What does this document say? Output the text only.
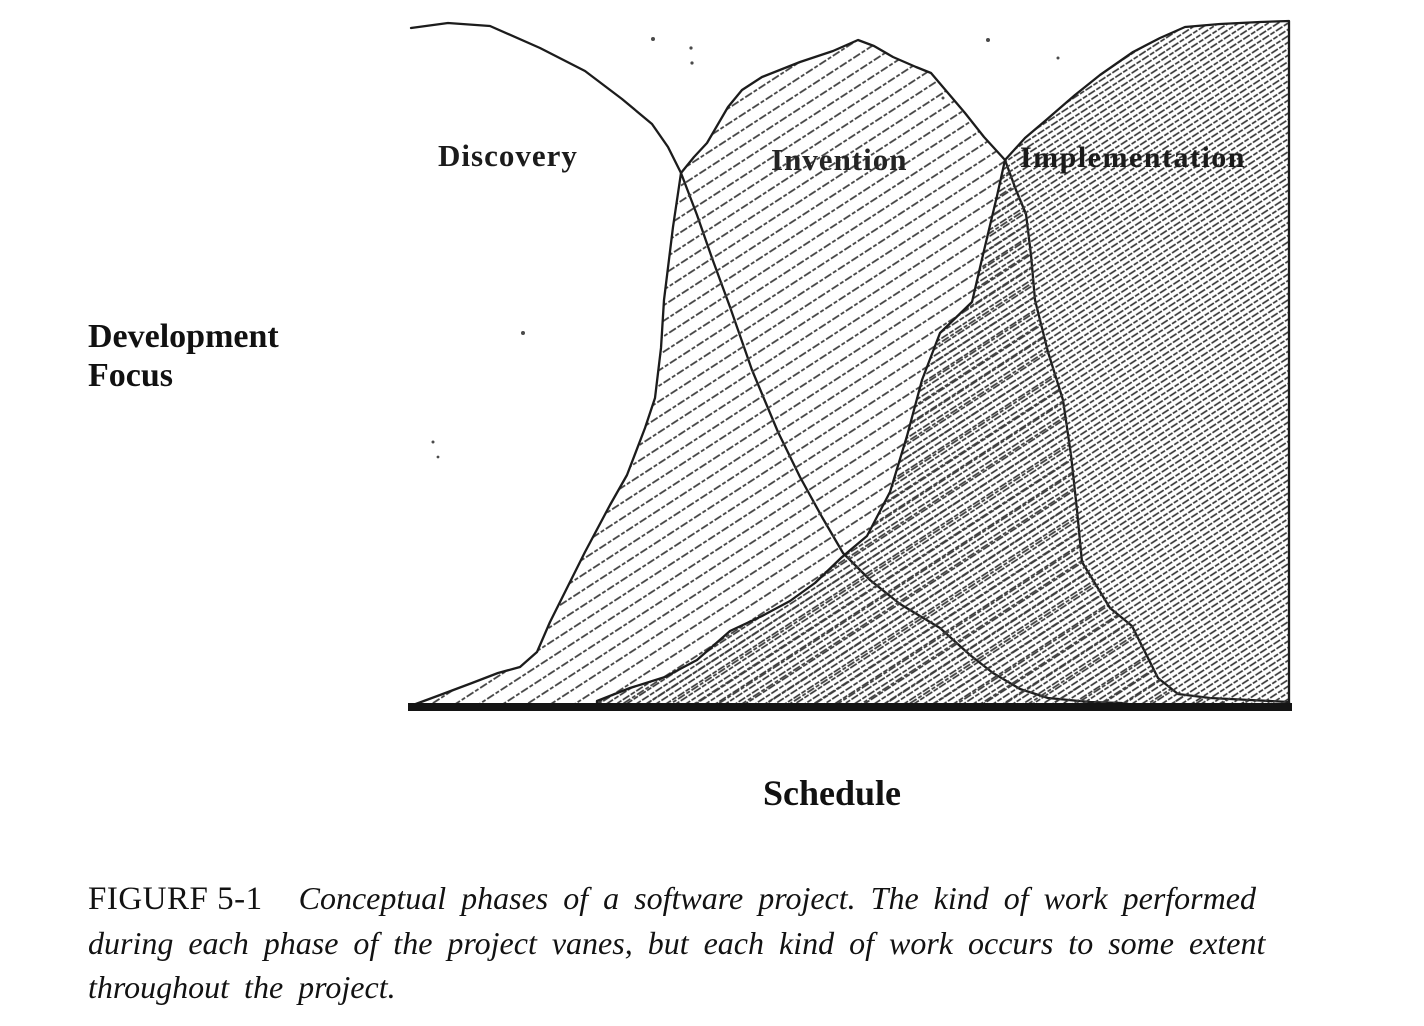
Discovery	Invention	Implementation
Development Focus
Schedule
FIGURF 5-1 Conceptual phases of a software project. The kind of work performed
during each phase of the project vanes, but each kind of work occurs to some extent
throughout the project.
